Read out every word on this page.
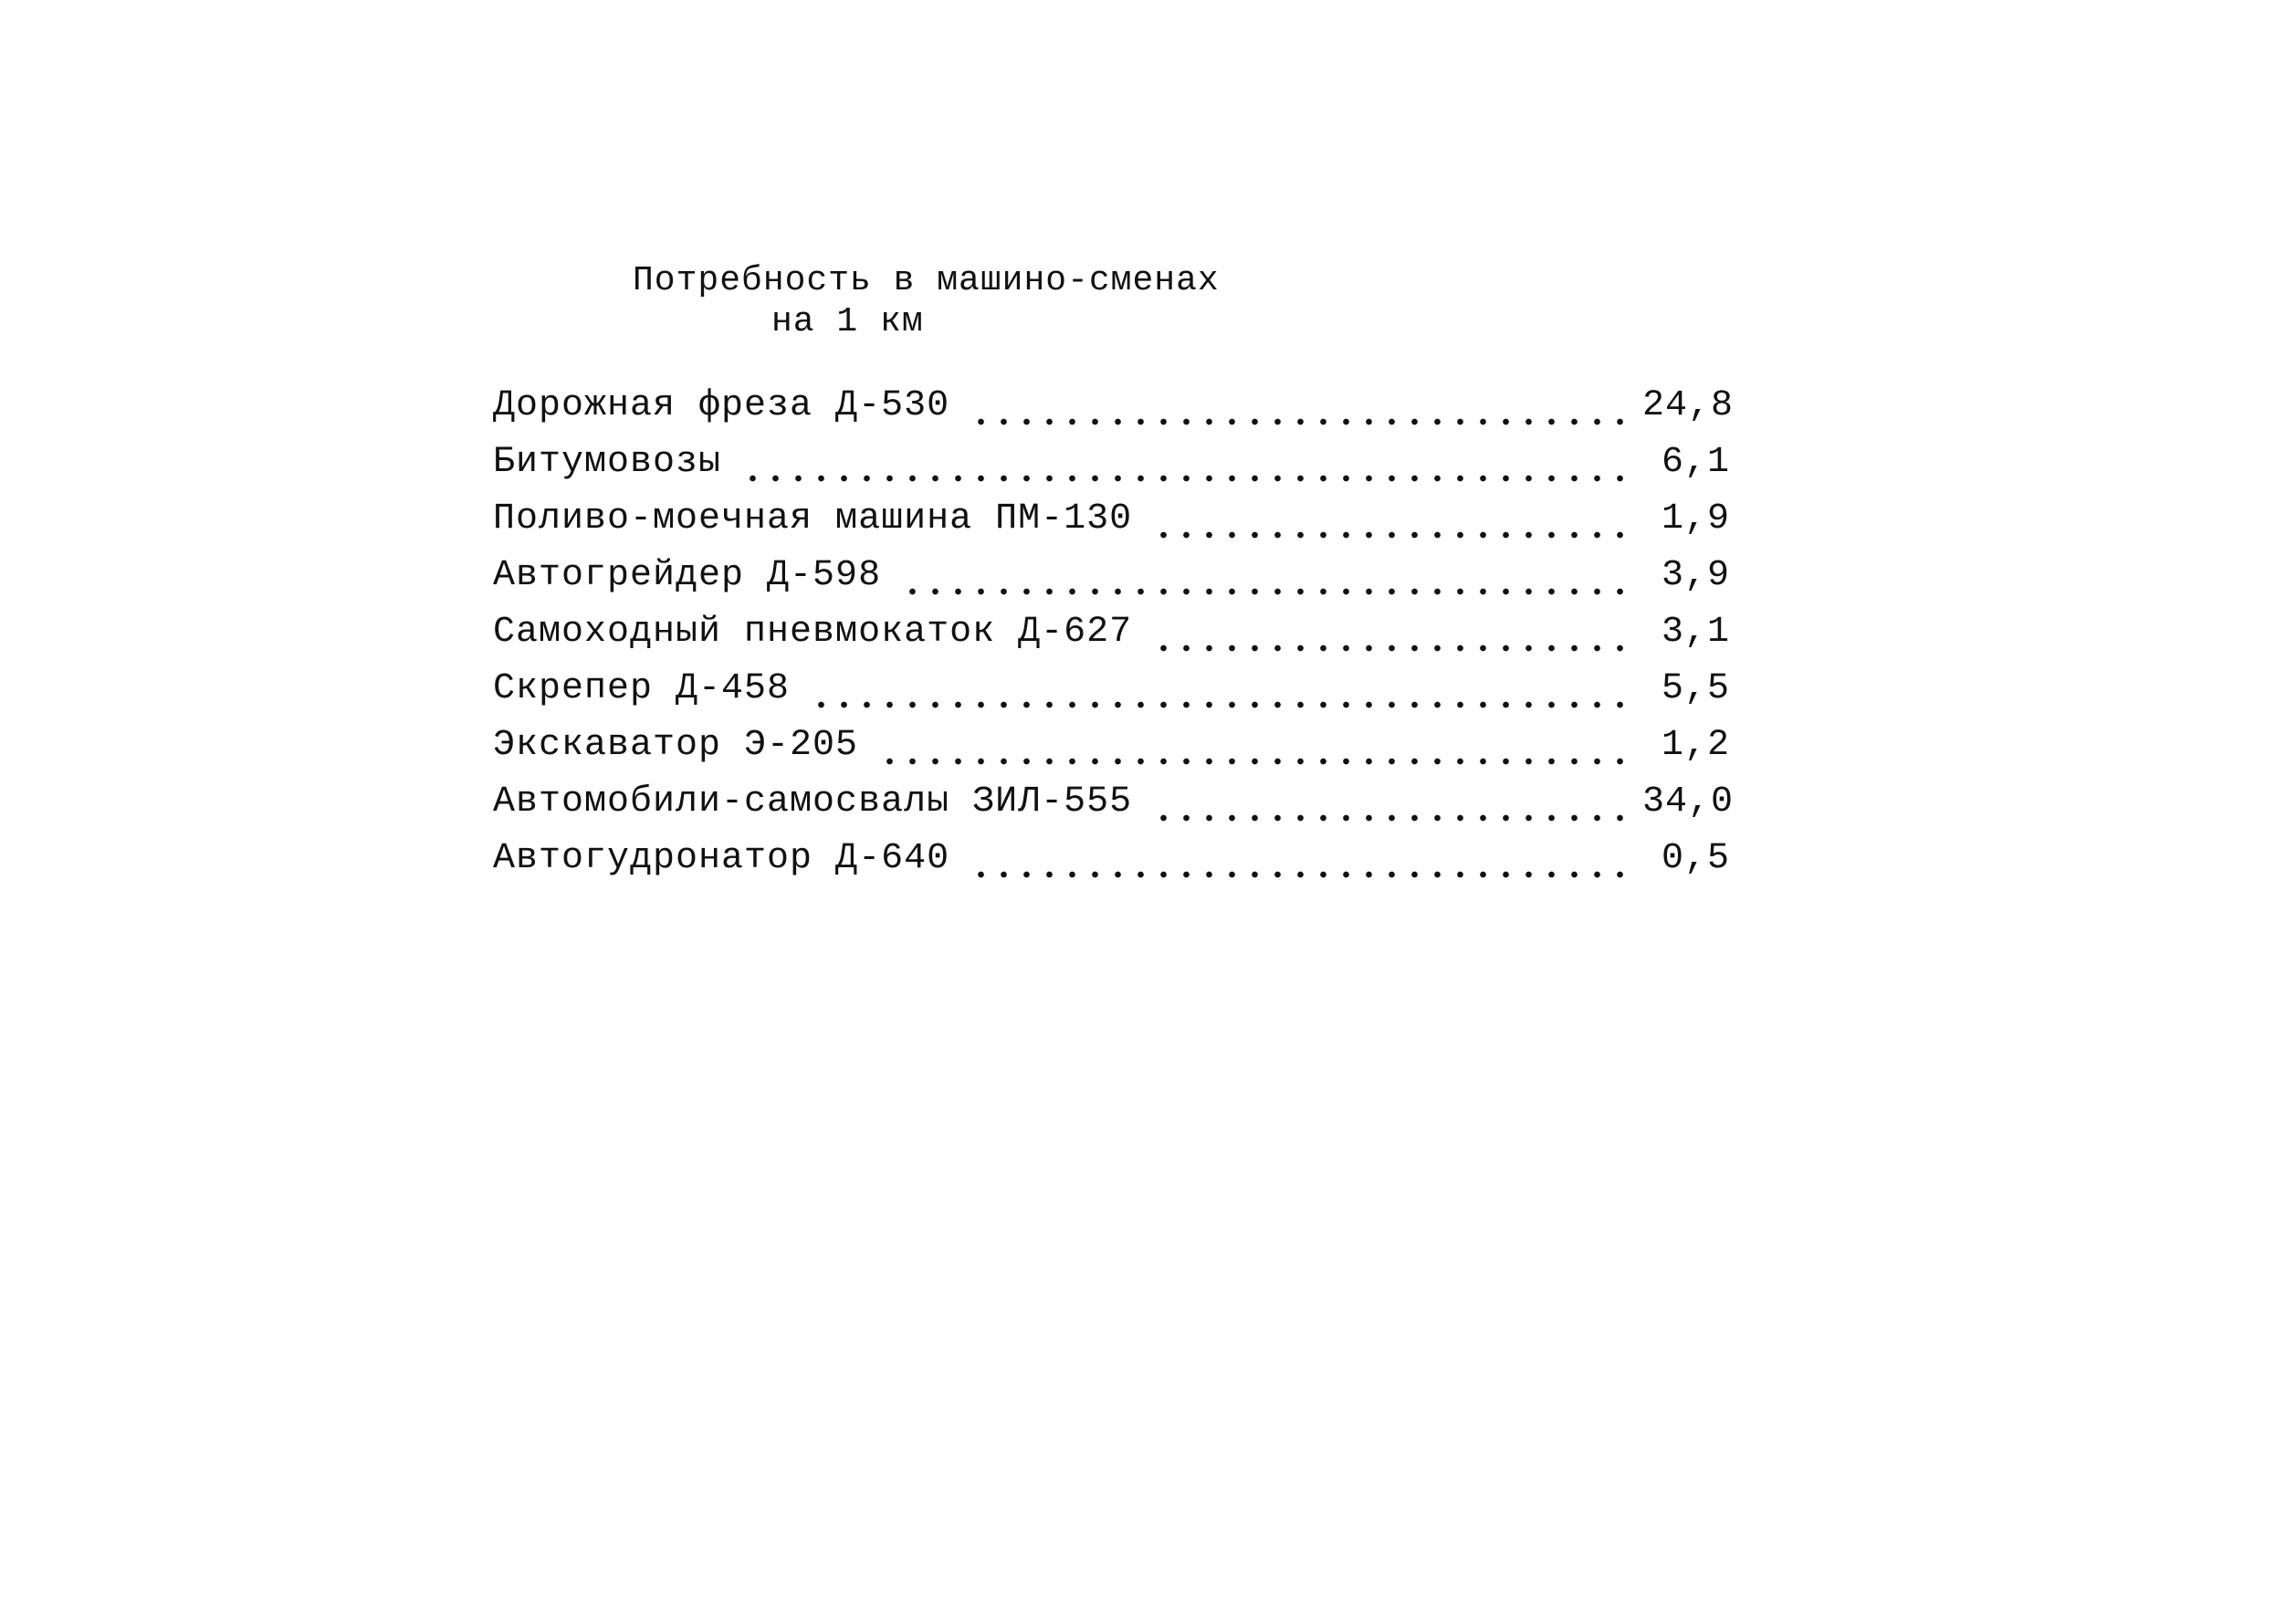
Потребность в машино-сменах
на 1 км
Дорожная фреза Д-530	24,8
Битумовозы	6,1
Поливо-моечная машина ПМ-130	1,9
Автогрейдер Д-598	3,9
Самоходный пневмокаток Д-627	3,1
Скрепер Д-458	5,5
Экскаватор Э-205	1,2
Автомобили-самосвалы ЗИЛ-555	34,0
Автогудронатор Д-640	0,5
